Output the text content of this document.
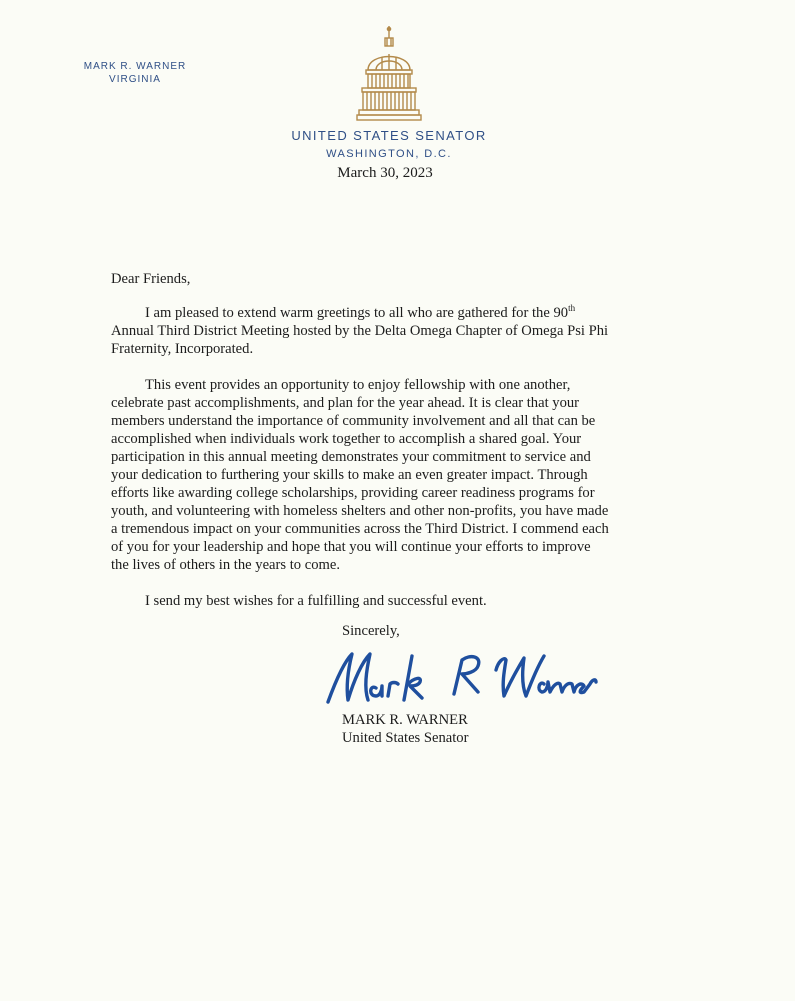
MARK R. WARNER
VIRGINIA
UNITED STATES SENATOR
WASHINGTON, D.C.
March 30, 2023

Dear Friends,

I am pleased to extend warm greetings to all who are gathered for the 90th Annual Third District Meeting hosted by the Delta Omega Chapter of Omega Psi Phi Fraternity, Incorporated.

This event provides an opportunity to enjoy fellowship with one another, celebrate past accomplishments, and plan for the year ahead. It is clear that your members understand the importance of community involvement and all that can be accomplished when individuals work together to accomplish a shared goal. Your participation in this annual meeting demonstrates your commitment to service and your dedication to furthering your skills to make an even greater impact. Through efforts like awarding college scholarships, providing career readiness programs for youth, and volunteering with homeless shelters and other non-profits, you have made a tremendous impact on your communities across the Third District. I commend each of you for your leadership and hope that you will continue your efforts to improve the lives of others in the years to come.

I send my best wishes for a fulfilling and successful event.

Sincerely,
MARK R. WARNER
United States Senator
